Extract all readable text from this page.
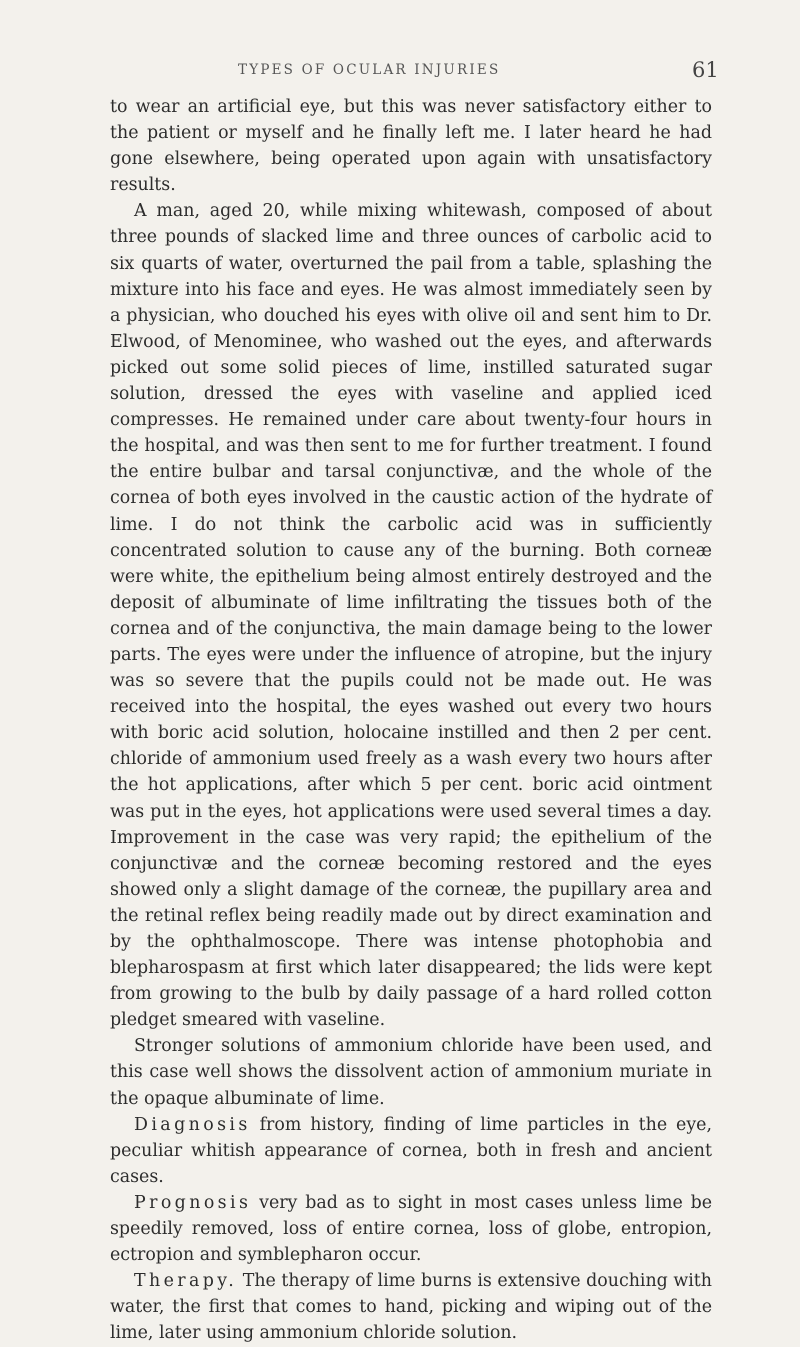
TYPES OF OCULAR INJURIES	61

to wear an artificial eye, but this was never satisfactory either to the patient or myself and he finally left me. I later heard he had gone elsewhere, being operated upon again with unsatisfactory results.

A man, aged 20, while mixing whitewash, composed of about three pounds of slacked lime and three ounces of carbolic acid to six quarts of water, overturned the pail from a table, splashing the mixture into his face and eyes. He was almost immediately seen by a physician, who douched his eyes with olive oil and sent him to Dr. Elwood, of Menominee, who washed out the eyes, and afterwards picked out some solid pieces of lime, instilled saturated sugar solution, dressed the eyes with vaseline and applied iced compresses. He remained under care about twenty-four hours in the hospital, and was then sent to me for further treatment. I found the entire bulbar and tarsal conjunctivæ, and the whole of the cornea of both eyes involved in the caustic action of the hydrate of lime. I do not think the carbolic acid was in sufficiently concentrated solution to cause any of the burning. Both corneæ were white, the epithelium being almost entirely destroyed and the deposit of albuminate of lime infiltrating the tissues both of the cornea and of the conjunctiva, the main damage being to the lower parts. The eyes were under the influence of atropine, but the injury was so severe that the pupils could not be made out. He was received into the hospital, the eyes washed out every two hours with boric acid solution, holocaine instilled and then 2 per cent. chloride of ammonium used freely as a wash every two hours after the hot applications, after which 5 per cent. boric acid ointment was put in the eyes, hot applications were used several times a day. Improvement in the case was very rapid; the epithelium of the conjunctivæ and the corneæ becoming restored and the eyes showed only a slight damage of the corneæ, the pupillary area and the retinal reflex being readily made out by direct examination and by the ophthalmoscope. There was intense photophobia and blepharospasm at first which later disappeared; the lids were kept from growing to the bulb by daily passage of a hard rolled cotton pledget smeared with vaseline.

Stronger solutions of ammonium chloride have been used, and this case well shows the dissolvent action of ammonium muriate in the opaque albuminate of lime.

Diagnosis from history, finding of lime particles in the eye, peculiar whitish appearance of cornea, both in fresh and ancient cases.

Prognosis very bad as to sight in most cases unless lime be speedily removed, loss of entire cornea, loss of globe, entropion, ectropion and symblepharon occur.

Therapy. The therapy of lime burns is extensive douching with water, the first that comes to hand, picking and wiping out of the lime, later using ammonium chloride solution.
